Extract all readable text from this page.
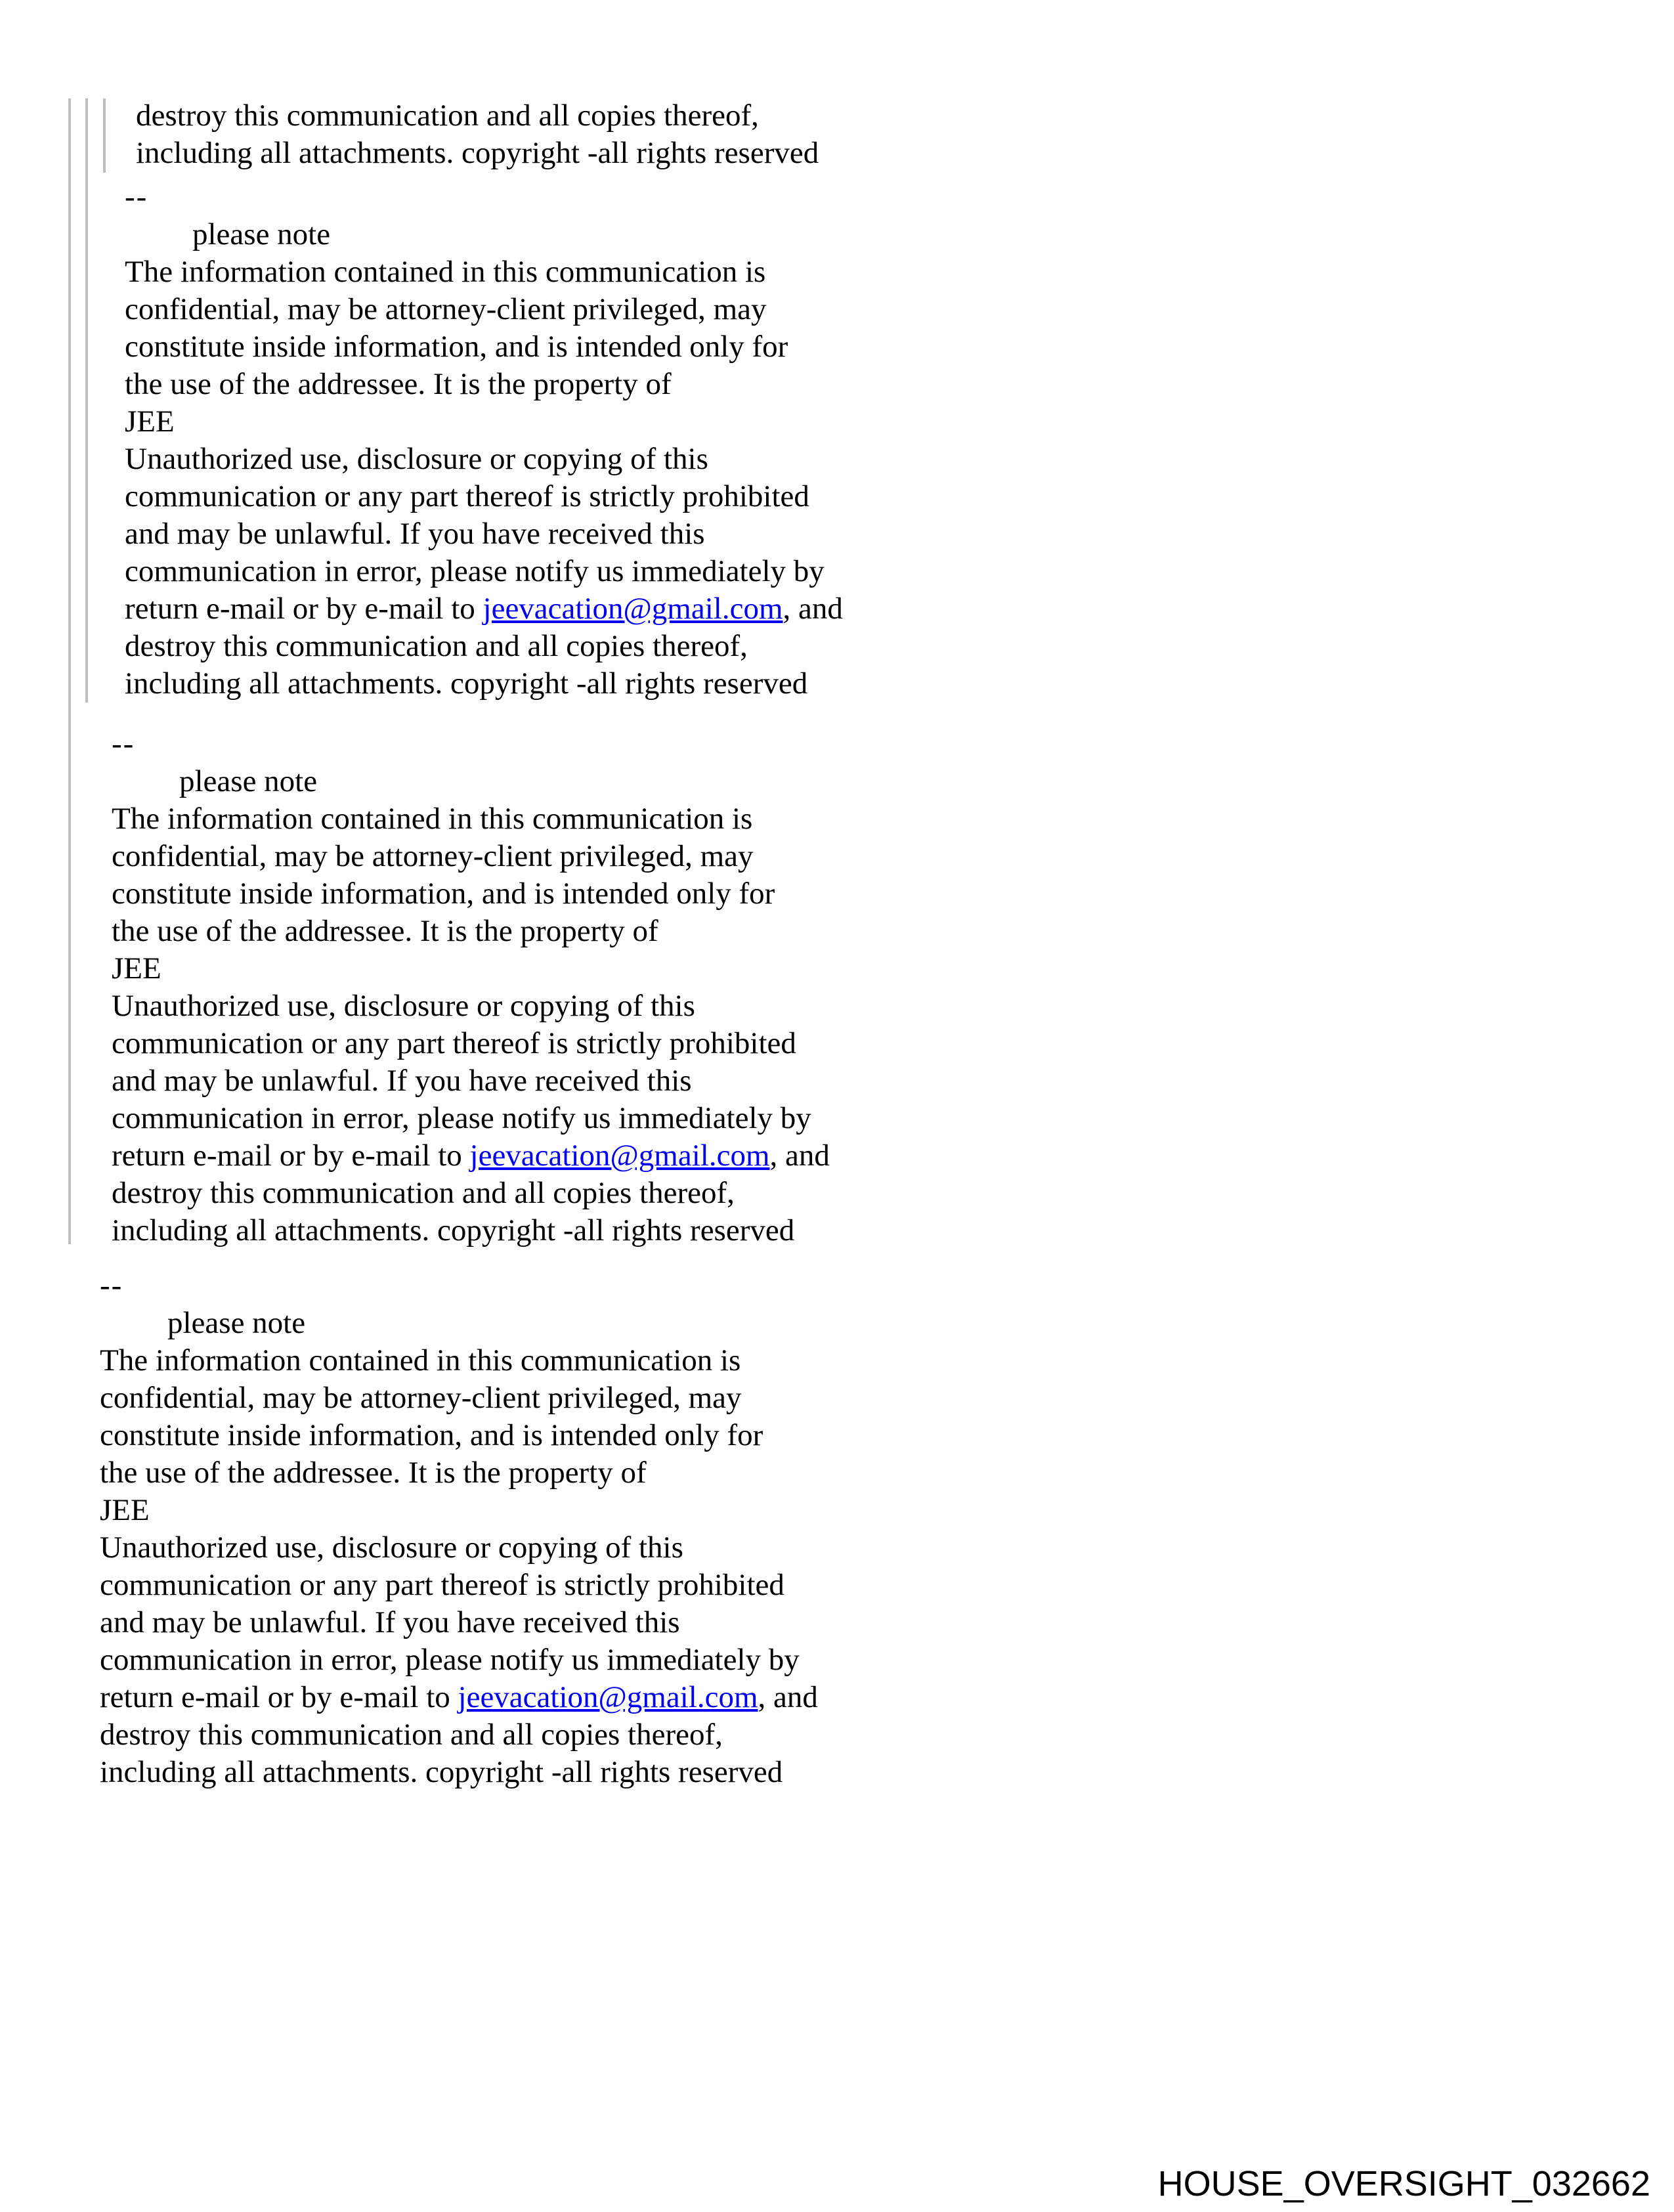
destroy this communication and all copies thereof,
including all attachments. copyright -all rights reserved
--
please note
The information contained in this communication is
confidential, may be attorney-client privileged, may
constitute inside information, and is intended only for
the use of the addressee. It is the property of
JEE
Unauthorized use, disclosure or copying of this
communication or any part thereof is strictly prohibited
and may be unlawful. If you have received this
communication in error, please notify us immediately by
return e-mail or by e-mail to jeevacation@gmail.com, and
destroy this communication and all copies thereof,
including all attachments. copyright -all rights reserved
--
please note
The information contained in this communication is
confidential, may be attorney-client privileged, may
constitute inside information, and is intended only for
the use of the addressee. It is the property of
JEE
Unauthorized use, disclosure or copying of this
communication or any part thereof is strictly prohibited
and may be unlawful. If you have received this
communication in error, please notify us immediately by
return e-mail or by e-mail to jeevacation@gmail.com, and
destroy this communication and all copies thereof,
including all attachments. copyright -all rights reserved
--
please note
The information contained in this communication is
confidential, may be attorney-client privileged, may
constitute inside information, and is intended only for
the use of the addressee. It is the property of
JEE
Unauthorized use, disclosure or copying of this
communication or any part thereof is strictly prohibited
and may be unlawful. If you have received this
communication in error, please notify us immediately by
return e-mail or by e-mail to jeevacation@gmail.com, and
destroy this communication and all copies thereof,
including all attachments. copyright -all rights reserved
HOUSE_OVERSIGHT_032662
